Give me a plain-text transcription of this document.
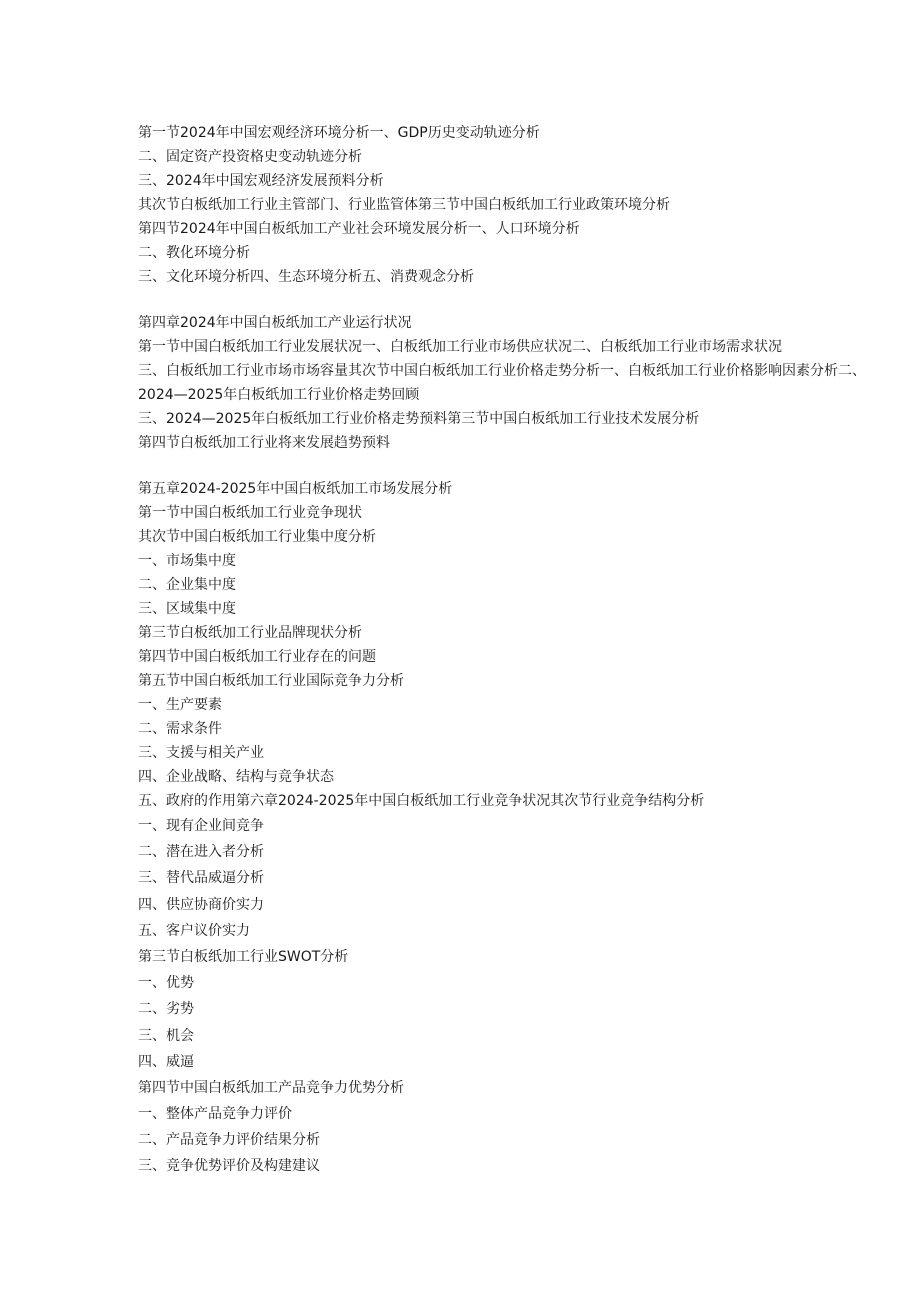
第一节2024年中国宏观经济环境分析一、GDP历史变动轨迹分析
二、固定资产投资格史变动轨迹分析
三、2024年中国宏观经济发展预料分析
其次节白板纸加工行业主管部门、行业监管体第三节中国白板纸加工行业政策环境分析
第四节2024年中国白板纸加工产业社会环境发展分析一、人口环境分析
二、教化环境分析
三、文化环境分析四、生态环境分析五、消费观念分析
第四章2024年中国白板纸加工产业运行状况
第一节中国白板纸加工行业发展状况一、白板纸加工行业市场供应状况二、白板纸加工行业市场需求状况
三、白板纸加工行业市场市场容量其次节中国白板纸加工行业价格走势分析一、白板纸加工行业价格影响因素分析二、2024—2025年白板纸加工行业价格走势回顾
三、2024—2025年白板纸加工行业价格走势预料第三节中国白板纸加工行业技术发展分析
第四节白板纸加工行业将来发展趋势预料
第五章2024-2025年中国白板纸加工市场发展分析
第一节中国白板纸加工行业竞争现状
其次节中国白板纸加工行业集中度分析
一、市场集中度
二、企业集中度
三、区域集中度
第三节白板纸加工行业品牌现状分析
第四节中国白板纸加工行业存在的问题
第五节中国白板纸加工行业国际竞争力分析
一、生产要素
二、需求条件
三、支援与相关产业
四、企业战略、结构与竞争状态
五、政府的作用第六章2024-2025年中国白板纸加工行业竞争状况其次节行业竞争结构分析
一、现有企业间竞争
二、潜在进入者分析
三、替代品威逼分析
四、供应协商价实力
五、客户议价实力
第三节白板纸加工行业SWOT分析
一、优势
二、劣势
三、机会
四、威逼
第四节中国白板纸加工产品竞争力优势分析
一、整体产品竞争力评价
二、产品竞争力评价结果分析
三、竞争优势评价及构建建议
